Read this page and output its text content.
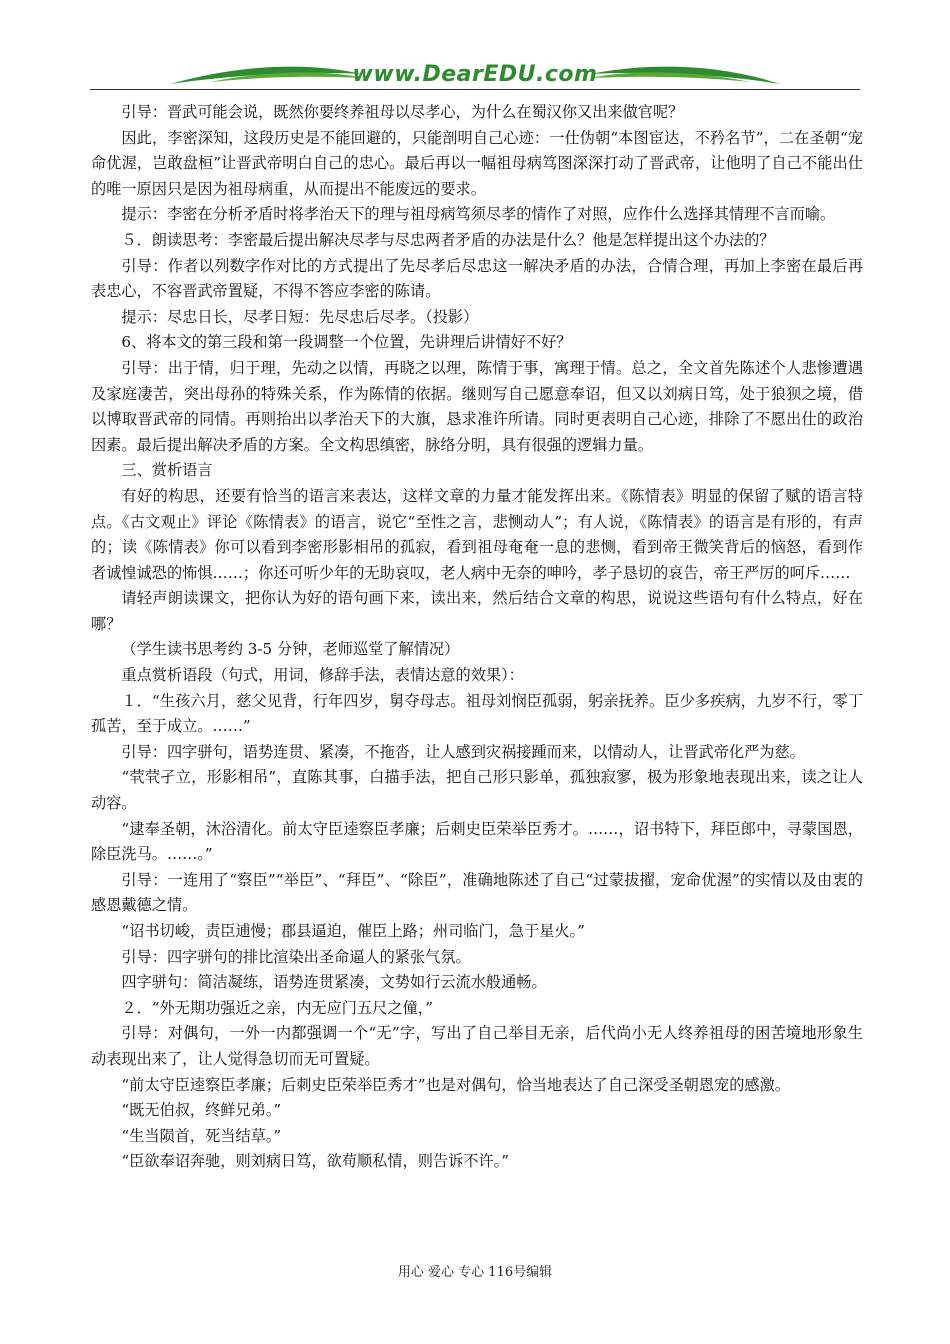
www.DearEDU.com

引导：晋武可能会说，既然你要终养祖母以尽孝心，为什么在蜀汉你又出来做官呢？

因此，李密深知，这段历史是不能回避的，只能剖明自己心迹：一仕伪朝“本图宦达，不矜名节”，二在圣朝“宠命优渥，岂敢盘桓”让晋武帝明白自己的忠心。最后再以一幅祖母病笃图深深打动了晋武帝，让他明了自己不能出仕的唯一原因只是因为祖母病重，从而提出不能废远的要求。

提示：李密在分析矛盾时将孝治天下的理与祖母病笃须尽孝的情作了对照，应作什么选择其情理不言而喻。

５．朗读思考：李密最后提出解决尽孝与尽忠两者矛盾的办法是什么？他是怎样提出这个办法的？

引导：作者以列数字作对比的方式提出了先尽孝后尽忠这一解决矛盾的办法，合情合理，再加上李密在最后再表忠心，不容晋武帝置疑，不得不答应李密的陈请。

提示：尽忠日长，尽孝日短：先尽忠后尽孝。（投影）

6、将本文的第三段和第一段调整一个位置，先讲理后讲情好不好？

引导：出于情，归于理，先动之以情，再晓之以理，陈情于事，寓理于情。总之，全文首先陈述个人悲惨遭遇及家庭凄苦，突出母孙的特殊关系，作为陈情的依据。继则写自己愿意奉诏，但又以刘病日笃，处于狼狈之境，借以博取晋武帝的同情。再则抬出以孝治天下的大旗，恳求准许所请。同时更表明自己心迹，排除了不愿出仕的政治因素。最后提出解决矛盾的方案。全文构思缜密，脉络分明，具有很强的逻辑力量。

三、赏析语言

有好的构思，还要有恰当的语言来表达，这样文章的力量才能发挥出来。《陈情表》明显的保留了赋的语言特点。《古文观止》评论《陈情表》的语言，说它“至性之言，悲恻动人”；有人说，《陈情表》的语言是有形的，有声的；读《陈情表》你可以看到李密形影相吊的孤寂，看到祖母奄奄一息的悲恻，看到帝王微笑背后的恼怒，看到作者诚惶诚恐的怖惧……；你还可听少年的无助哀叹，老人病中无奈的呻吟，孝子恳切的哀告，帝王严厉的呵斥……

请轻声朗读课文，把你认为好的语句画下来，读出来，然后结合文章的构思，说说这些语句有什么特点，好在哪？

（学生读书思考约 3-5 分钟，老师巡堂了解情况）

重点赏析语段（句式，用词，修辞手法，表情达意的效果）：

１．“生孩六月，慈父见背，行年四岁，舅夺母志。祖母刘悯臣孤弱，躬亲抚养。臣少多疾病，九岁不行，零丁孤苦，至于成立。……”

引导：四字骈句，语势连贯、紧凑，不拖沓，让人感到灾祸接踵而来，以情动人，让晋武帝化严为慈。

“茕茕孑立，形影相吊”，直陈其事，白描手法，把自己形只影单，孤独寂寥，极为形象地表现出来，读之让人动容。

“逮奉圣朝，沐浴清化。前太守臣逵察臣孝廉；后刺史臣荣举臣秀才。……，诏书特下，拜臣郎中，寻蒙国恩，除臣洗马。……。”

引导：一连用了“察臣”“举臣”、“拜臣”、“除臣”，准确地陈述了自己“过蒙拔擢，宠命优渥”的实情以及由衷的感恩戴德之情。

“诏书切峻，责臣逋慢；郡县逼迫，催臣上路；州司临门，急于星火。”

引导：四字骈句的排比渲染出圣命逼人的紧张气氛。

四字骈句：简洁凝练，语势连贯紧凑，文势如行云流水般通畅。

２．“外无期功强近之亲，内无应门五尺之僮，”

引导：对偶句，一外一内都强调一个“无”字，写出了自己举目无亲，后代尚小无人终养祖母的困苦境地形象生动表现出来了，让人觉得急切而无可置疑。

“前太守臣逵察臣孝廉；后刺史臣荣举臣秀才”也是对偶句，恰当地表达了自己深受圣朝恩宠的感激。

“既无伯叔，终鲜兄弟。”

“生当陨首，死当结草。”

“臣欲奉诏奔驰，则刘病日笃，欲苟顺私情，则告诉不许。”

用心 爱心 专心 116号编辑
